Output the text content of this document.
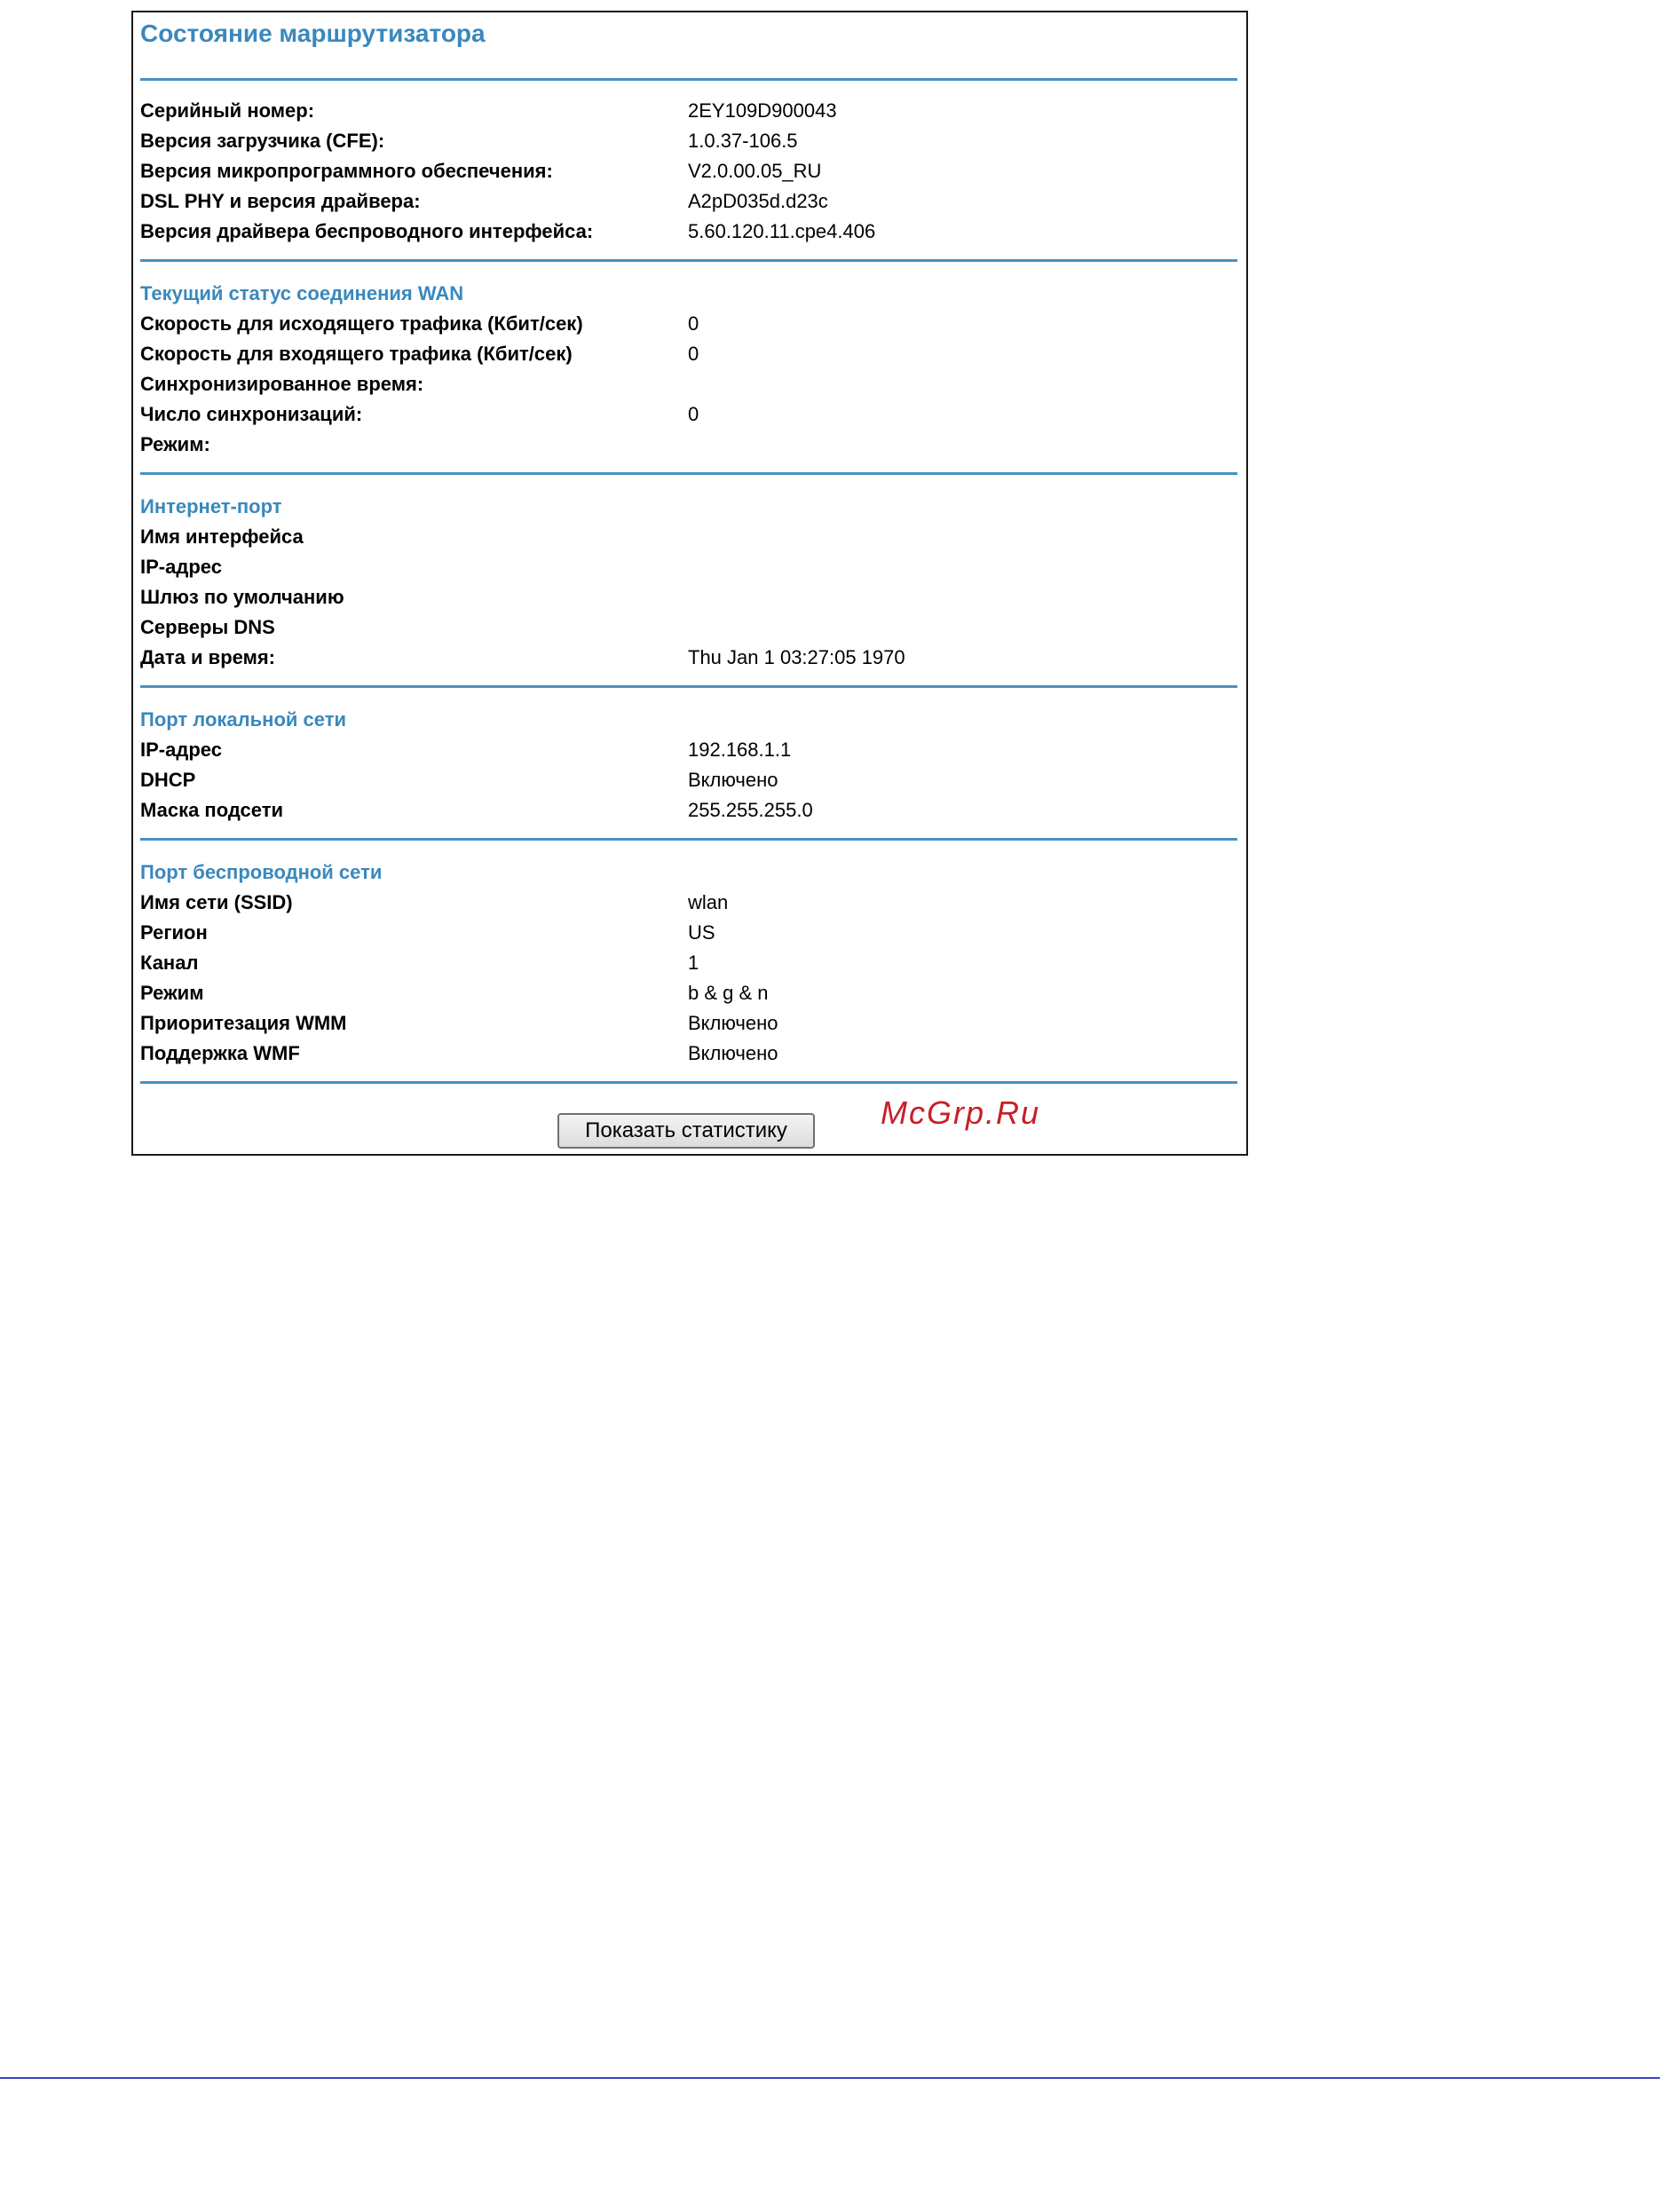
Состояние маршрутизатора
Серийный номер:	2EY109D900043
Версия загрузчика (CFE):	1.0.37-106.5
Версия микропрограммного обеспечения:	V2.0.00.05_RU
DSL PHY и версия драйвера:	A2pD035d.d23c
Версия драйвера беспроводного интерфейса:	5.60.120.11.cpe4.406
Текущий статус соединения WAN
Скорость для исходящего трафика (Кбит/сек)	0
Скорость для входящего трафика (Кбит/сек)	0
Синхронизированное время:
Число синхронизаций:	0
Режим:
Интернет-порт
Имя интерфейса
IP-адрес
Шлюз по умолчанию
Серверы DNS
Дата и время:	Thu Jan 1 03:27:05 1970
Порт локальной сети
IP-адрес	192.168.1.1
DHCP	Включено
Маска подсети	255.255.255.0
Порт беспроводной сети
Имя сети (SSID)	wlan
Регион	US
Канал	1
Режим	b & g & n
Приоритезация WMM	Включено
Поддержка WMF	Включено
Показать статистику	McGrp.Ru
